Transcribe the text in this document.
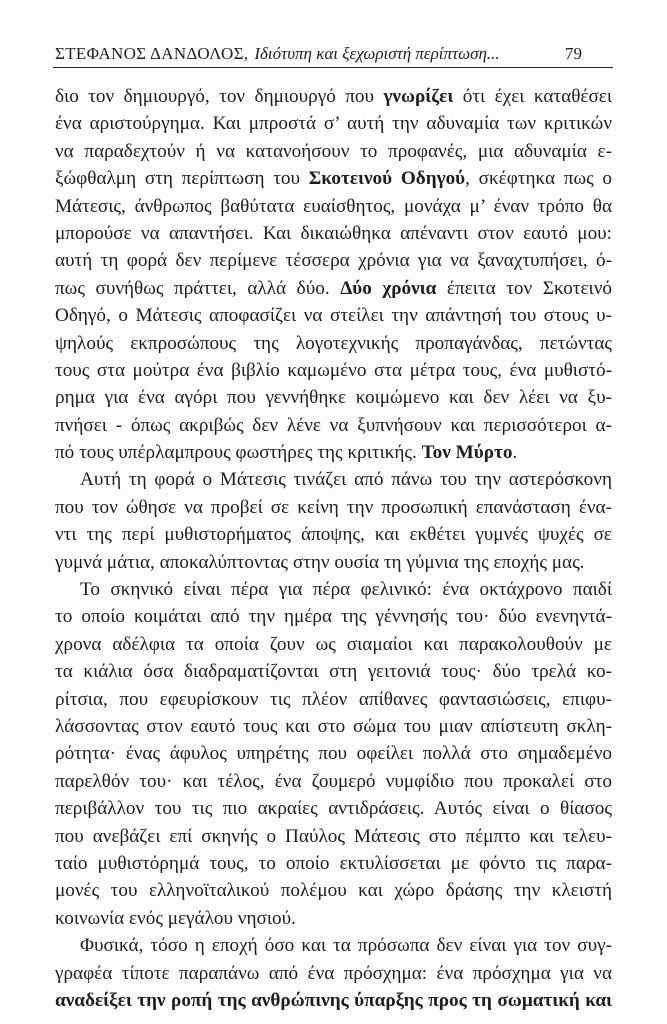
ΣΤΕΦΑΝΟΣ ΔΑΝΔΟΛΟΣ, Ιδιότυπη και ξεχωριστή περίπτωση...	79
διο τον δημιουργό, τον δημιουργό που γνωρίζει ότι έχει καταθέσει
ένα αριστούργημα. Και μπροστά σ’ αυτή την αδυναμία των κριτικών
να παραδεχτούν ή να κατανοήσουν το προφανές, μια αδυναμία ε-
ξώφθαλμη στη περίπτωση του Σκοτεινού Οδηγού, σκέφτηκα πως ο
Μάτεσις, άνθρωπος βαθύτατα ευαίσθητος, μονάχα μ’ έναν τρόπο θα
μπορούσε να απαντήσει. Και δικαιώθηκα απέναντι στον εαυτό μου:
αυτή τη φορά δεν περίμενε τέσσερα χρόνια για να ξαναχτυπήσει, ό-
πως συνήθως πράττει, αλλά δύο. Δύο χρόνια έπειτα τον Σκοτεινό
Οδηγό, ο Μάτεσις αποφασίζει να στείλει την απάντησή του στους υ-
ψηλούς εκπροσώπους της λογοτεχνικής προπαγάνδας, πετώντας
τους στα μούτρα ένα βιβλίο καμωμένο στα μέτρα τους, ένα μυθιστό-
ρημα για ένα αγόρι που γεννήθηκε κοιμώμενο και δεν λέει να ξυ-
πνήσει - όπως ακριβώς δεν λένε να ξυπνήσουν και περισσότεροι α-
πό τους υπέρλαμπρους φωστήρες της κριτικής. Τον Μύρτο.
Αυτή τη φορά ο Μάτεσις τινάζει από πάνω του την αστερόσκονη
που τον ώθησε να προβεί σε κείνη την προσωπική επανάσταση ένα-
ντι της περί μυθιστορήματος άποψης, και εκθέτει γυμνές ψυχές σε
γυμνά μάτια, αποκαλύπτοντας στην ουσία τη γύμνια της εποχής μας.
Το σκηνικό είναι πέρα για πέρα φελινικό: ένα οκτάχρονο παιδί
το οποίο κοιμάται από την ημέρα της γέννησής του· δύο ενενηντά-
χρονα αδέλφια τα οποία ζουν ως σιαμαίοι και παρακολουθούν με
τα κιάλια όσα διαδραματίζονται στη γειτονιά τους· δύο τρελά κο-
ρίτσια, που εφευρίσκουν τις πλέον απίθανες φαντασιώσεις, επιφυ-
λάσσοντας στον εαυτό τους και στο σώμα του μιαν απίστευτη σκλη-
ρότητα· ένας άφυλος υπηρέτης που οφείλει πολλά στο σημαδεμένο
παρελθόν του· και τέλος, ένα ζουμερό νυμφίδιο που προκαλεί στο
περιβάλλον του τις πιο ακραίες αντιδράσεις. Αυτός είναι ο θίασος
που ανεβάζει επί σκηνής ο Παύλος Μάτεσις στο πέμπτο και τελευ-
ταίο μυθιστόρημά τους, το οποίο εκτυλίσσεται με φόντο τις παρα-
μονές του ελληνοϊταλικού πολέμου και χώρο δράσης την κλειστή
κοινωνία ενός μεγάλου νησιού.
Φυσικά, τόσο η εποχή όσο και τα πρόσωπα δεν είναι για τον συγ-
γραφέα τίποτε παραπάνω από ένα πρόσχημα: ένα πρόσχημα για να
αναδείξει την ροπή της ανθρώπινης ύπαρξης προς τη σωματική και
